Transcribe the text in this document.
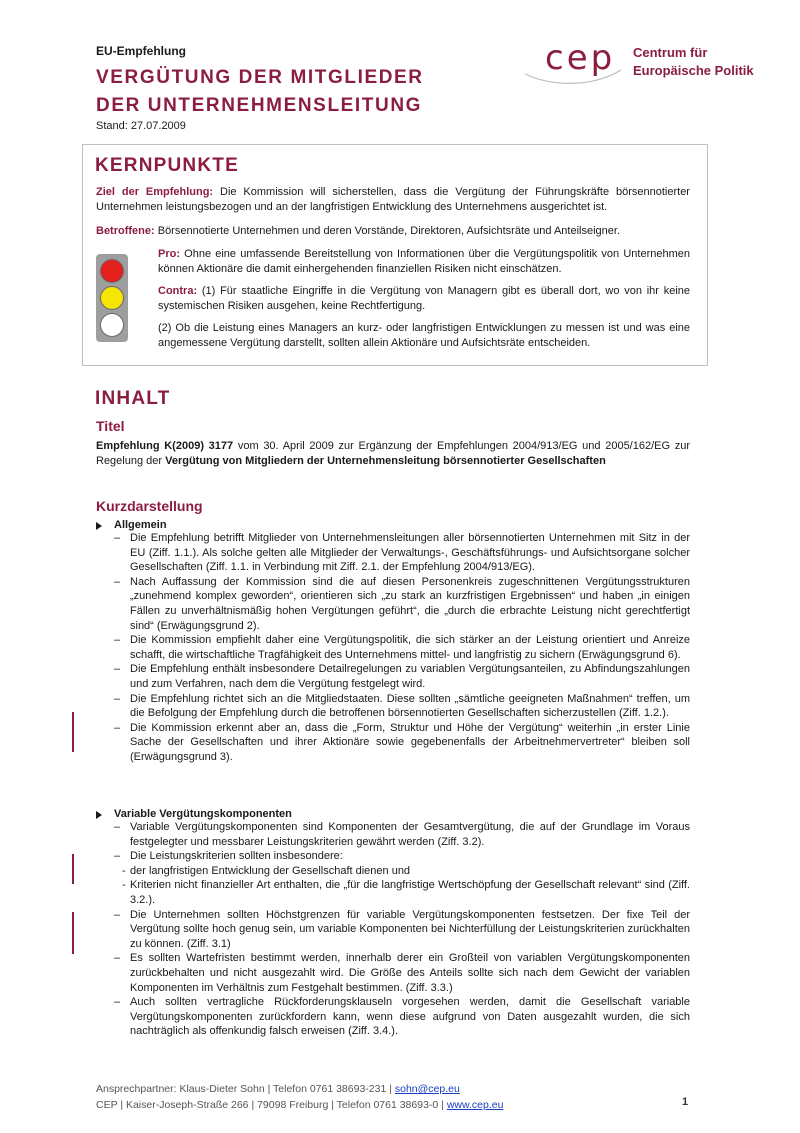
EU-Empfehlung
VERGÜTUNG DER MITGLIEDER
DER UNTERNEHMENSLEITUNG
Stand: 27.07.2009
cep Centrum für
Europäische Politik
KERNPUNKTE
Ziel der Empfehlung: Die Kommission will sicherstellen, dass die Vergütung der Führungskräfte börsennotierter Unternehmen leistungsbezogen und an der langfristigen Entwicklung des Unternehmens ausgerichtet ist.
Betroffene: Börsennotierte Unternehmen und deren Vorstände, Direktoren, Aufsichtsräte und Anteilseigner.
Pro: Ohne eine umfassende Bereitstellung von Informationen über die Vergütungspolitik von Unternehmen können Aktionäre die damit einhergehenden finanziellen Risiken nicht einschätzen.
Contra: (1) Für staatliche Eingriffe in die Vergütung von Managern gibt es überall dort, wo von ihr keine systemischen Risiken ausgehen, keine Rechtfertigung.
(2) Ob die Leistung eines Managers an kurz- oder langfristigen Entwicklungen zu messen ist und was eine angemessene Vergütung darstellt, sollten allein Aktionäre und Aufsichtsräte entscheiden.
INHALT
Titel
Empfehlung K(2009) 3177 vom 30. April 2009 zur Ergänzung der Empfehlungen 2004/913/EG und 2005/162/EG zur Regelung der Vergütung von Mitgliedern der Unternehmensleitung börsennotierter Gesellschaften
Kurzdarstellung
Allgemein
– Die Empfehlung betrifft Mitglieder von Unternehmensleitungen aller börsennotierten Unternehmen mit Sitz in der EU (Ziff. 1.1.). Als solche gelten alle Mitglieder der Verwaltungs-, Geschäftsführungs- und Aufsichtsorgane solcher Gesellschaften (Ziff. 1.1. in Verbindung mit Ziff. 2.1. der Empfehlung 2004/913/EG).
– Nach Auffassung der Kommission sind die auf diesen Personenkreis zugeschnittenen Vergütungsstrukturen „zunehmend komplex geworden“, orientieren sich „zu stark an kurzfristigen Ergebnissen“ und haben „in einigen Fällen zu unverhältnismäßig hohen Vergütungen geführt“, die „durch die erbrachte Leistung nicht gerechtfertigt sind“ (Erwägungsgrund 2).
– Die Kommission empfiehlt daher eine Vergütungspolitik, die sich stärker an der Leistung orientiert und Anreize schafft, die wirtschaftliche Tragfähigkeit des Unternehmens mittel- und langfristig zu sichern (Erwägungsgrund 6).
– Die Empfehlung enthält insbesondere Detailregelungen zu variablen Vergütungsanteilen, zu Abfindungszahlungen und zum Verfahren, nach dem die Vergütung festgelegt wird.
– Die Empfehlung richtet sich an die Mitgliedstaaten. Diese sollten „sämtliche geeigneten Maßnahmen“ treffen, um die Befolgung der Empfehlung durch die betroffenen börsennotierten Gesellschaften sicherzustellen (Ziff. 1.2.).
– Die Kommission erkennt aber an, dass die „Form, Struktur und Höhe der Vergütung“ weiterhin „in erster Linie Sache der Gesellschaften und ihrer Aktionäre sowie gegebenenfalls der Arbeitnehmervertreter“ bleiben soll (Erwägungsgrund 3).
Variable Vergütungskomponenten
– Variable Vergütungskomponenten sind Komponenten der Gesamtvergütung, die auf der Grundlage im Voraus festgelegter und messbarer Leistungskriterien gewährt werden (Ziff. 3.2).
– Die Leistungskriterien sollten insbesondere:
- der langfristigen Entwicklung der Gesellschaft dienen und
- Kriterien nicht finanzieller Art enthalten, die „für die langfristige Wertschöpfung der Gesellschaft relevant“ sind (Ziff. 3.2.).
– Die Unternehmen sollten Höchstgrenzen für variable Vergütungskomponenten festsetzen. Der fixe Teil der Vergütung sollte hoch genug sein, um variable Komponenten bei Nichterfüllung der Leistungskriterien zurückhalten zu können. (Ziff. 3.1)
– Es sollten Wartefristen bestimmt werden, innerhalb derer ein Großteil von variablen Vergütungskomponenten zurückbehalten und nicht ausgezahlt wird. Die Größe des Anteils sollte sich nach dem Gewicht der variablen Komponenten im Verhältnis zum Festgehalt bestimmen. (Ziff. 3.3.)
– Auch sollten vertragliche Rückforderungsklauseln vorgesehen werden, damit die Gesellschaft variable Vergütungskomponenten zurückfordern kann, wenn diese aufgrund von Daten ausgezahlt wurden, die sich nachträglich als offenkundig falsch erweisen (Ziff. 3.4.).
Ansprechpartner: Klaus-Dieter Sohn | Telefon 0761 38693-231 | sohn@cep.eu
CEP | Kaiser-Joseph-Straße 266 | 79098 Freiburg | Telefon 0761 38693-0 | www.cep.eu	1
